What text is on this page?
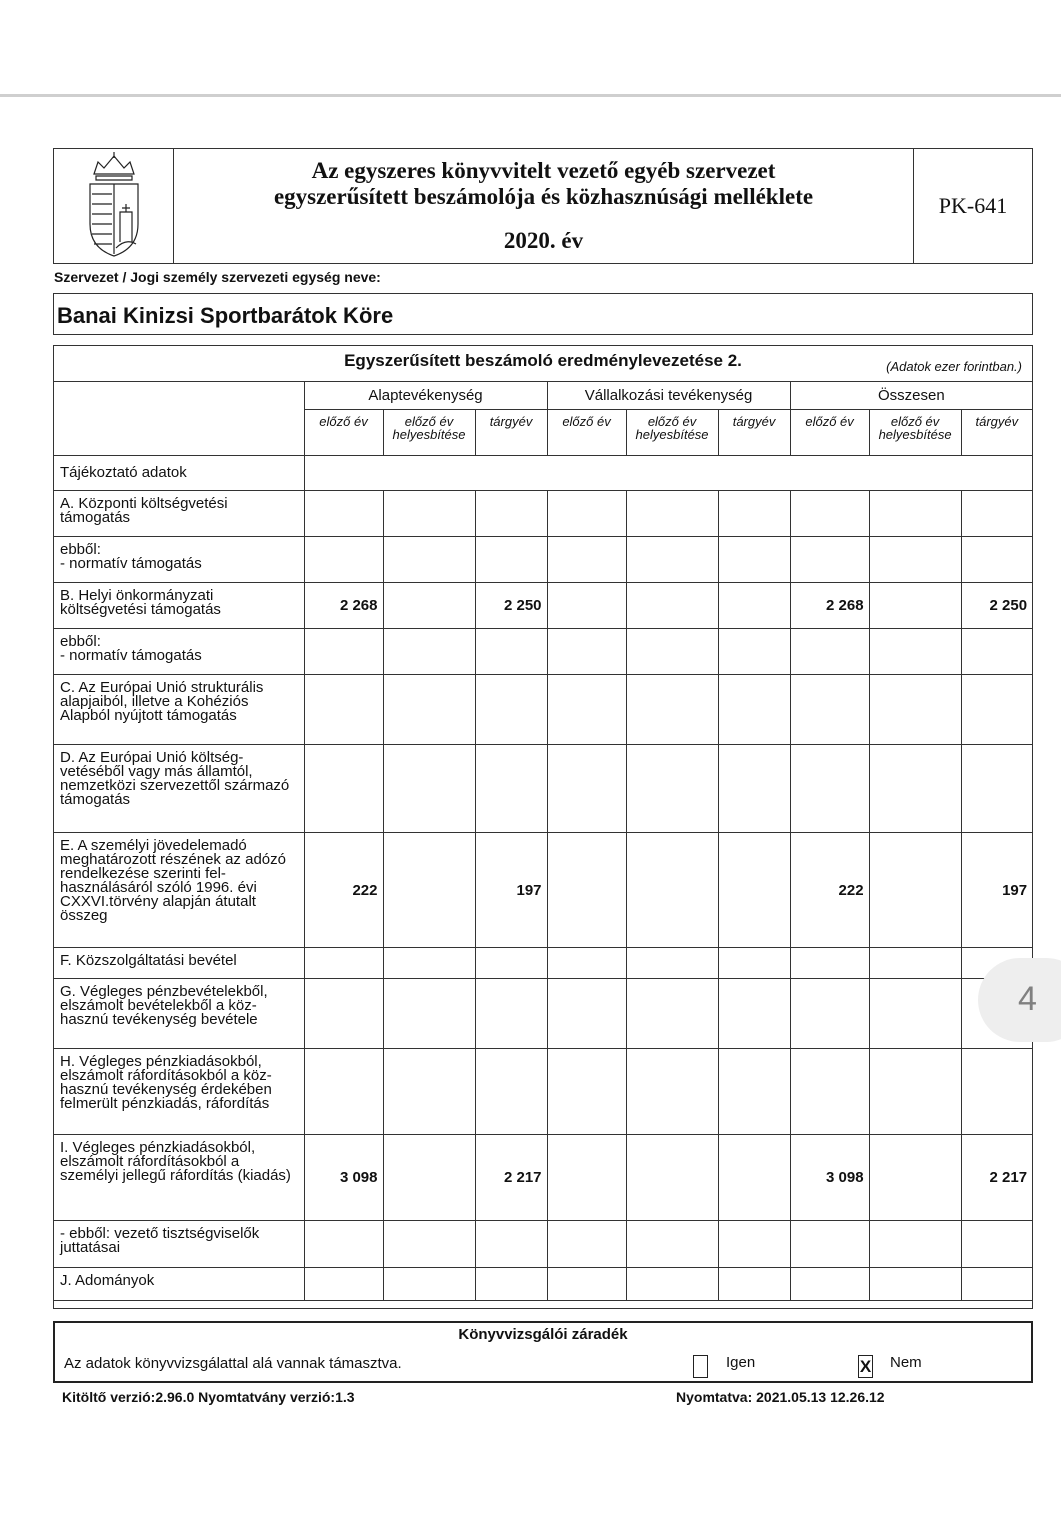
Az egyszeres könyvvitelt vezető egyéb szervezet
egyszerűsített beszámolója és közhasznúsági melléklete
2020. év
PK-641
Szervezet / Jogi személy szervezeti egység neve:
Banai Kinizsi Sportbarátok Köre
Egyszerűsített beszámoló eredménylevezetése 2.	(Adatok ezer forintban.)
	Alaptevékenység			Vállalkozási tevékenység			Összesen		
	előző év	előző év helyesbítése	tárgyév	előző év	előző év helyesbítése	tárgyév	előző év	előző év helyesbítése	tárgyév
Tájékoztató adatok									
A. Központi költségvetési támogatás									
ebből:
- normatív támogatás									
B. Helyi önkormányzati költségvetési támogatás	2 268		2 250				2 268		2 250
ebből:
- normatív támogatás									
C. Az Európai Unió strukturális alapjaiból, illetve a Kohéziós Alapból nyújtott támogatás									
D. Az Európai Unió költség-vetéséből vagy más államtól, nemzetközi szervezettől származó támogatás									
E. A személyi jövedelemadó meghatározott részének az adózó rendelkezése szerinti fel-használásáról szóló 1996. évi CXXVI.törvény alapján átutalt összeg	222		197				222		197
F. Közszolgáltatási bevétel									
G. Végleges pénzbevételekből, elszámolt bevételekből a köz-hasznú tevékenység bevétele									
H. Végleges pénzkiadásokból, elszámolt ráfordításokból a köz-hasznú tevékenység érdekében felmerült pénzkiadás, ráfordítás									
I. Végleges pénzkiadásokból, elszámolt ráfordításokból a személyi jellegű ráfordítás (kiadás)	3 098		2 217				3 098		2 217
- ebből: vezető tisztségviselők juttatásai									
J. Adományok									
Könyvvizsgálói záradék
Az adatok könyvvizsgálattal alá vannak támasztva.	Igen	X Nem
Kitöltő verzió:2.96.0 Nyomtatvány verzió:1.3	Nyomtatva: 2021.05.13 12.26.12
4
